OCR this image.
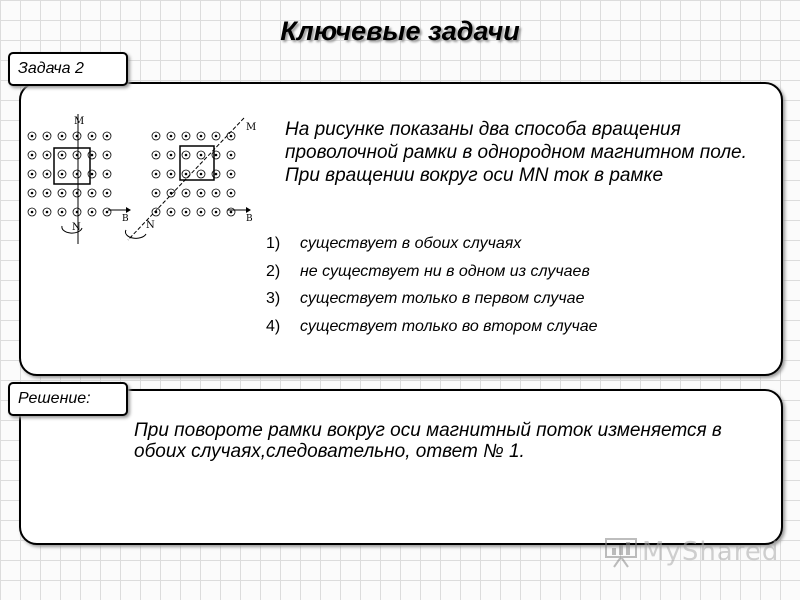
Ключевые задачи
Задача 2
M
N
B
M
N
B
На рисунке показаны два способа вращения проволочной рамки в однородном магнитном поле. При вращении вокруг оси MN ток в рамке
1)	существует в обоих случаях
2)	не существует ни в одном из случаев
3)	существует только в первом случае
4)	существует только во втором случае
Решение:
При повороте рамки вокруг оси магнитный поток изменяется в обоих случаях,следовательно, ответ № 1.
MyShared
